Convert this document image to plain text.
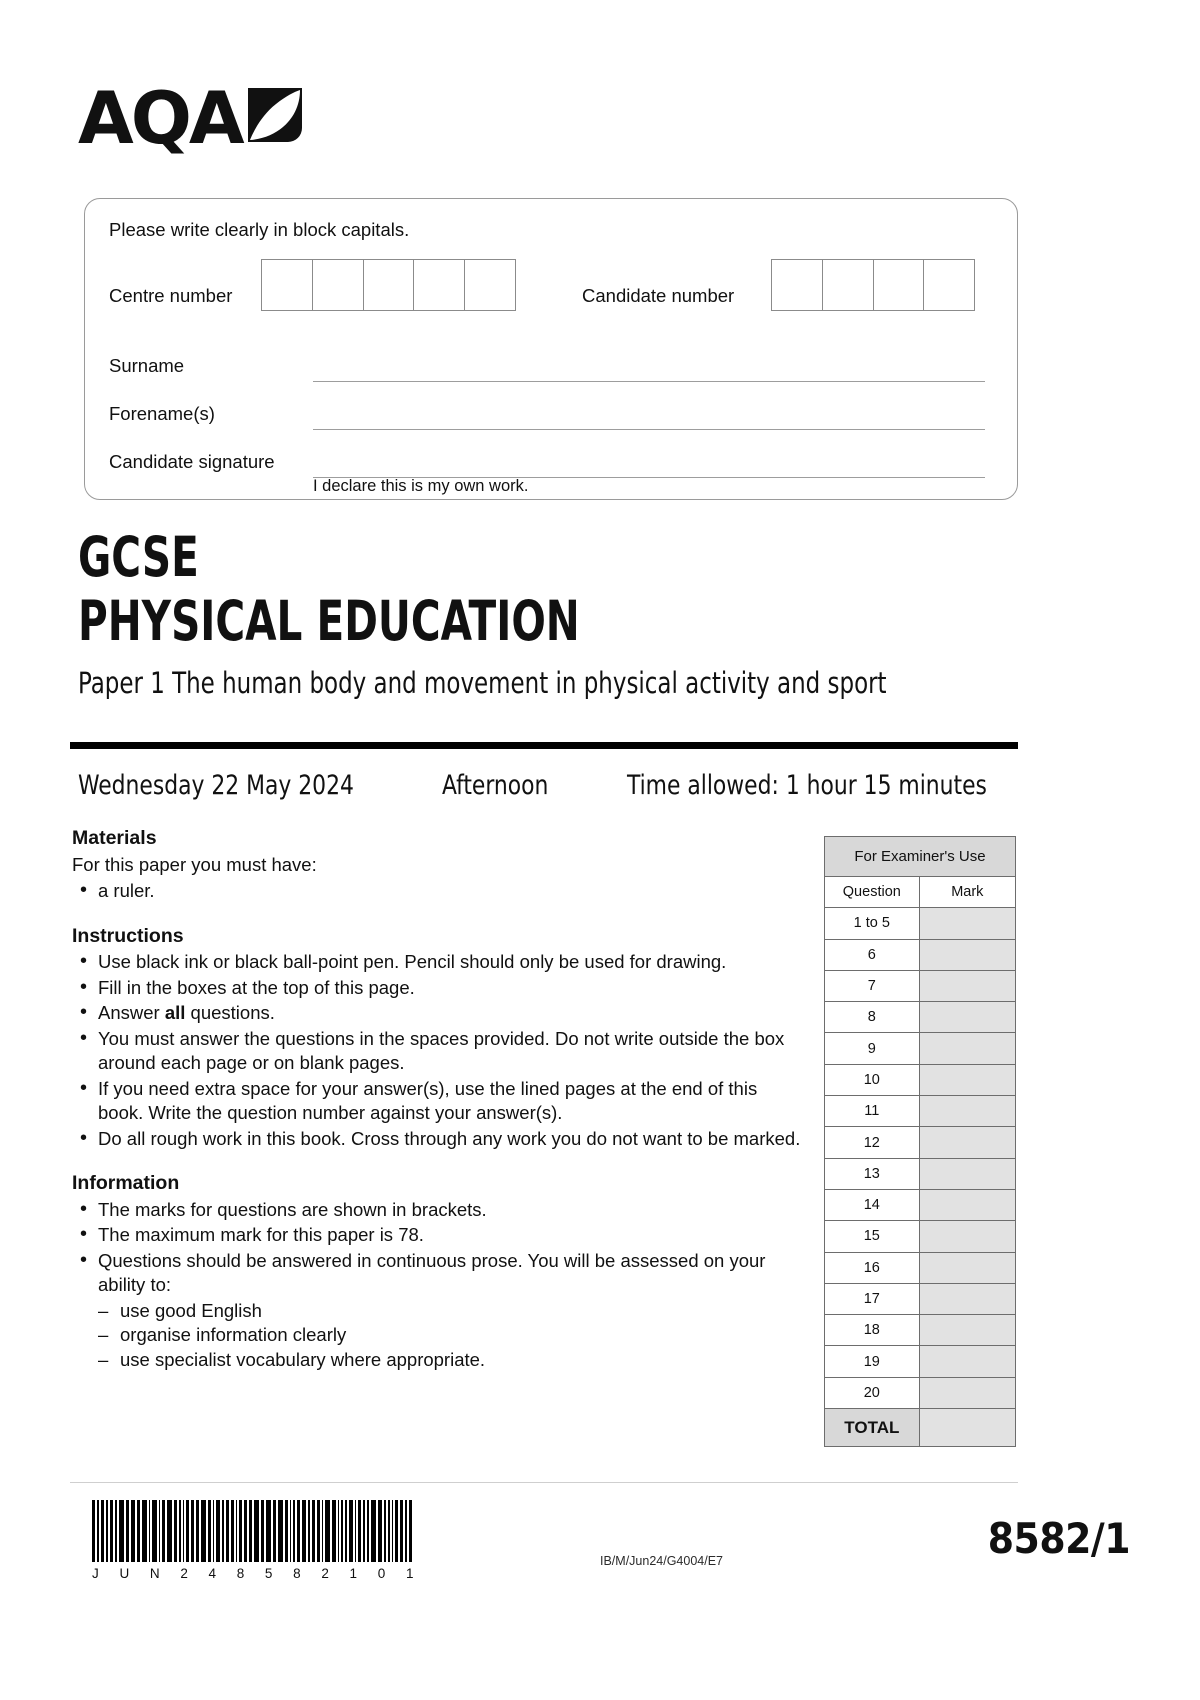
AQA
Please write clearly in block capitals.
Centre number	Candidate number
Surname
Forename(s)
Candidate signature
I declare this is my own work.
GCSE
PHYSICAL EDUCATION
Paper 1 The human body and movement in physical activity and sport
Wednesday 22 May 2024	Afternoon	Time allowed: 1 hour 15 minutes
Materials
For this paper you must have:
• a ruler.
Instructions
• Use black ink or black ball-point pen. Pencil should only be used for drawing.
• Fill in the boxes at the top of this page.
• Answer all questions.
• You must answer the questions in the spaces provided. Do not write outside the box around each page or on blank pages.
• If you need extra space for your answer(s), use the lined pages at the end of this book. Write the question number against your answer(s).
• Do all rough work in this book. Cross through any work you do not want to be marked.
Information
• The marks for questions are shown in brackets.
• The maximum mark for this paper is 78.
• Questions should be answered in continuous prose. You will be assessed on your ability to:
– use good English
– organise information clearly
– use specialist vocabulary where appropriate.
For Examiner's Use	
Question	Mark
1 to 5	
6	
7	
8	
9	
10	
11	
12	
13	
14	
15	
16	
17	
18	
19	
20	
TOTAL	
J U N 2 4 8 5 8 2 1 0 1
IB/M/Jun24/G4004/E7	8582/1
